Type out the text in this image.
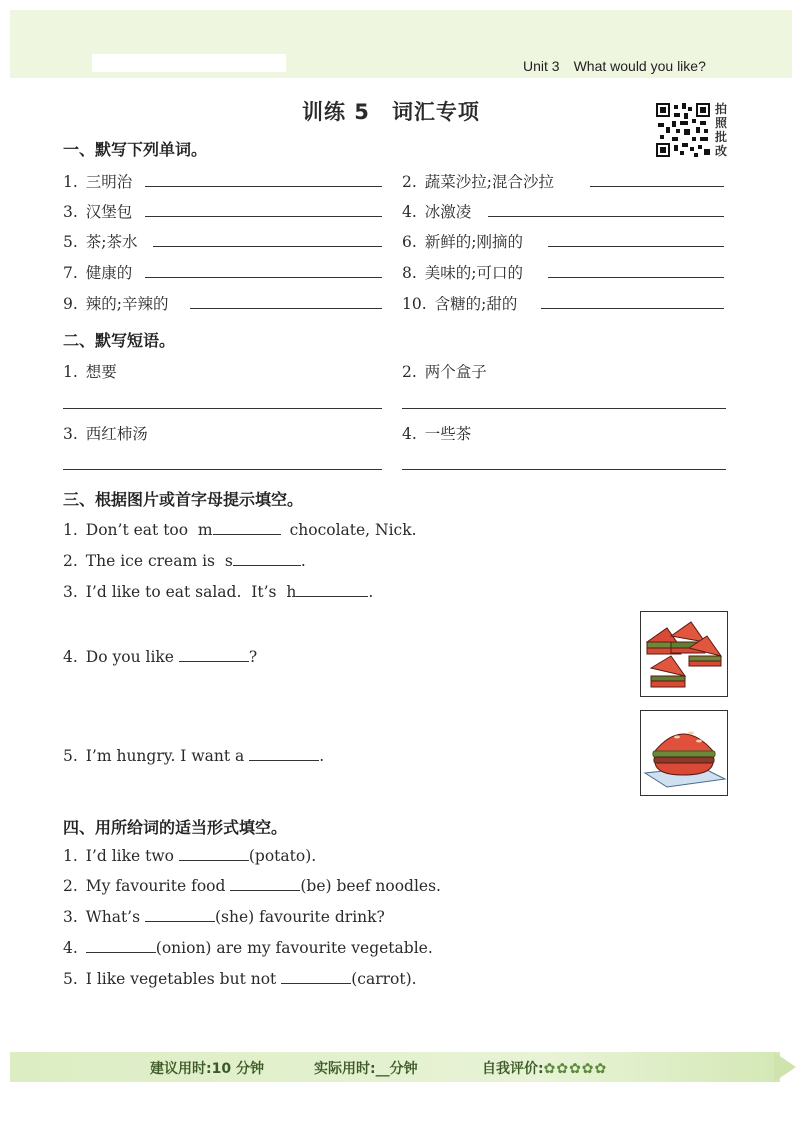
Unit 3 What would you like?
训练 5 词汇专项	拍照批改
一、默写下列单词。
1. 三明治	2. 蔬菜沙拉;混合沙拉
3. 汉堡包	4. 冰激凌
5. 茶;茶水	6. 新鲜的;刚摘的
7. 健康的	8. 美味的;可口的
9. 辣的;辛辣的	10. 含糖的;甜的
二、默写短语。
1. 想要	2. 两个盒子
3. 西红柿汤	4. 一些茶
三、根据图片或首字母提示填空。
1. Don’t eat too  m	chocolate, Nick.
2. The ice cream is  s	.
3. I’d like to eat salad.  It’s  h	.
4. Do you like	?
5. I’m hungry. I want a	.
四、用所给词的适当形式填空。
1. I’d like two	(potato).
2. My favourite food	(be) beef noodles.
3. What’s	(she) favourite drink?
4.	(onion) are my favourite vegetable.
5. I like vegetables but not	(carrot).
建议用时:10 分钟	实际用时:__分钟	自我评价:✿✿✿✿✿
